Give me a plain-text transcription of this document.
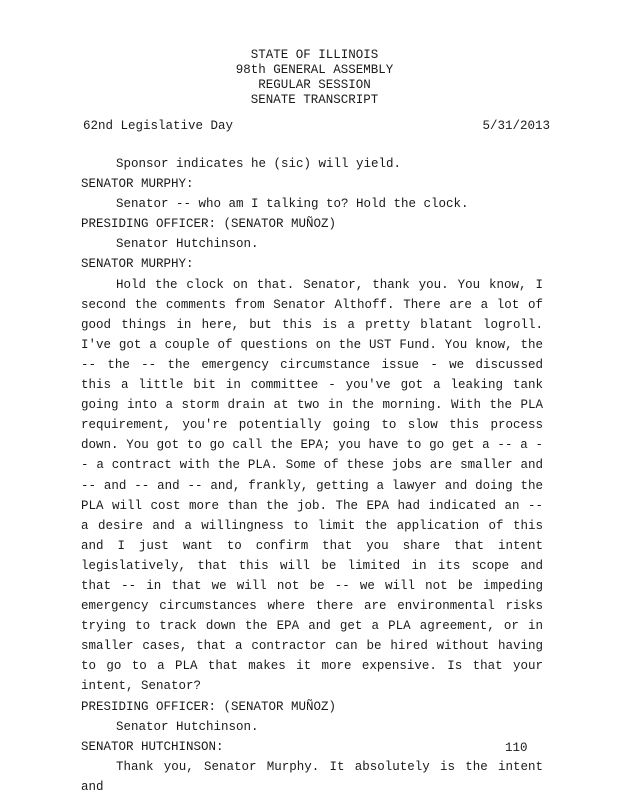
STATE OF ILLINOIS
98th GENERAL ASSEMBLY
REGULAR SESSION
SENATE TRANSCRIPT
62nd Legislative Day	5/31/2013
Sponsor indicates he (sic) will yield.
SENATOR MURPHY:
Senator -- who am I talking to? Hold the clock.
PRESIDING OFFICER: (SENATOR MUÑOZ)
Senator Hutchinson.
SENATOR MURPHY:
Hold the clock on that. Senator, thank you. You know, I second the comments from Senator Althoff. There are a lot of good things in here, but this is a pretty blatant logroll. I've got a couple of questions on the UST Fund. You know, the -- the -- the emergency circumstance issue - we discussed this a little bit in committee - you've got a leaking tank going into a storm drain at two in the morning. With the PLA requirement, you're potentially going to slow this process down. You got to go call the EPA; you have to go get a -- a -- a contract with the PLA. Some of these jobs are smaller and -- and -- and -- and, frankly, getting a lawyer and doing the PLA will cost more than the job. The EPA had indicated an -- a desire and a willingness to limit the application of this and I just want to confirm that you share that intent legislatively, that this will be limited in its scope and that -- in that we will not be -- we will not be impeding emergency circumstances where there are environmental risks trying to track down the EPA and get a PLA agreement, or in smaller cases, that a contractor can be hired without having to go to a PLA that makes it more expensive. Is that your intent, Senator?
PRESIDING OFFICER: (SENATOR MUÑOZ)
Senator Hutchinson.
SENATOR HUTCHINSON:
Thank you, Senator Murphy. It absolutely is the intent and
110
